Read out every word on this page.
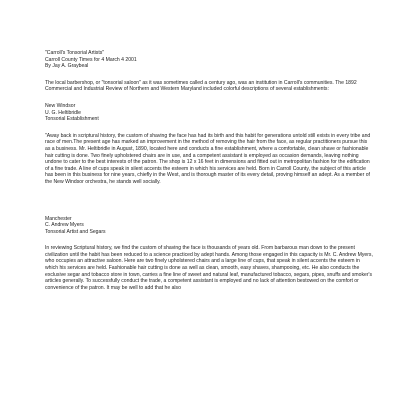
"Carroll's Tonsorial Artists"

Carroll County Times for 4 March 4 2001

By Jay A. Graybeal

The local barbershop, or "tonsorial saloon" as it was sometimes called a century ago, was an institution in Carroll's communities. The 1892 Commercial and Industrial Review of Northern and Western Maryland included colorful descriptions of several establishments:

New Windsor

U. G. Heltibridle

Tonsorial Establishment

"Away back in scriptural history, the custom of shaving the face has had its birth and this habit for generations untold still exists in every tribe and race of men.The present age has marked an improvement in the method of removing the hair from the face, as regular practitioners pursue this as a business. Mr. Heltibridle in August, 1890, located here and conducts a fine establishment, where a comfortable, clean shave or fashionable hair cutting is done. Two finely upholstered chairs are in use, and a competent assistant is employed as occasion demands, leaving nothing undone to cater to the best interests of the patron. The shop is 12 x 16 feet in dimensions and fitted out in metropolitan fashion for the edification of a fine trade. A line of cups speak in silent accents the esteem in which his services are held. Born in Carroll County, the subject of this article has been in this business for nine years, chiefly in the West, and is thorough master of its every detail, proving himself an adept. As a member of the New Windsor orchestra, he stands well socially.

Manchester

C. Andrew Myers

Tonsorial Artist and Segars

In reviewing Scriptural history, we find the custom of shaving the face is thousands of years old. From barbarous man down to the present civilization until the habit has been reduced to a science practiced by adept hands. Among those engaged in this capacity is Mr. C. Andrew Myers, who occupies an attractive saloon. Here are two finely upholstered chairs and a large line of cups, that speak in silent accents the esteem in which his services are held. Fashionable hair cutting is done as well as clean, smooth, easy shaves, shampooing, etc. He also conducts the exclusive segar and tobacco store in town, carries a fine line of sweet and natural leaf, manufactured tobacco, segars, pipes, snuffs and smoker's articles generally. To successfully conduct the trade, a competent assistant is employed and no lack of attention bestowed on the comfort or convenience of the patron. It may be well to add that he also
